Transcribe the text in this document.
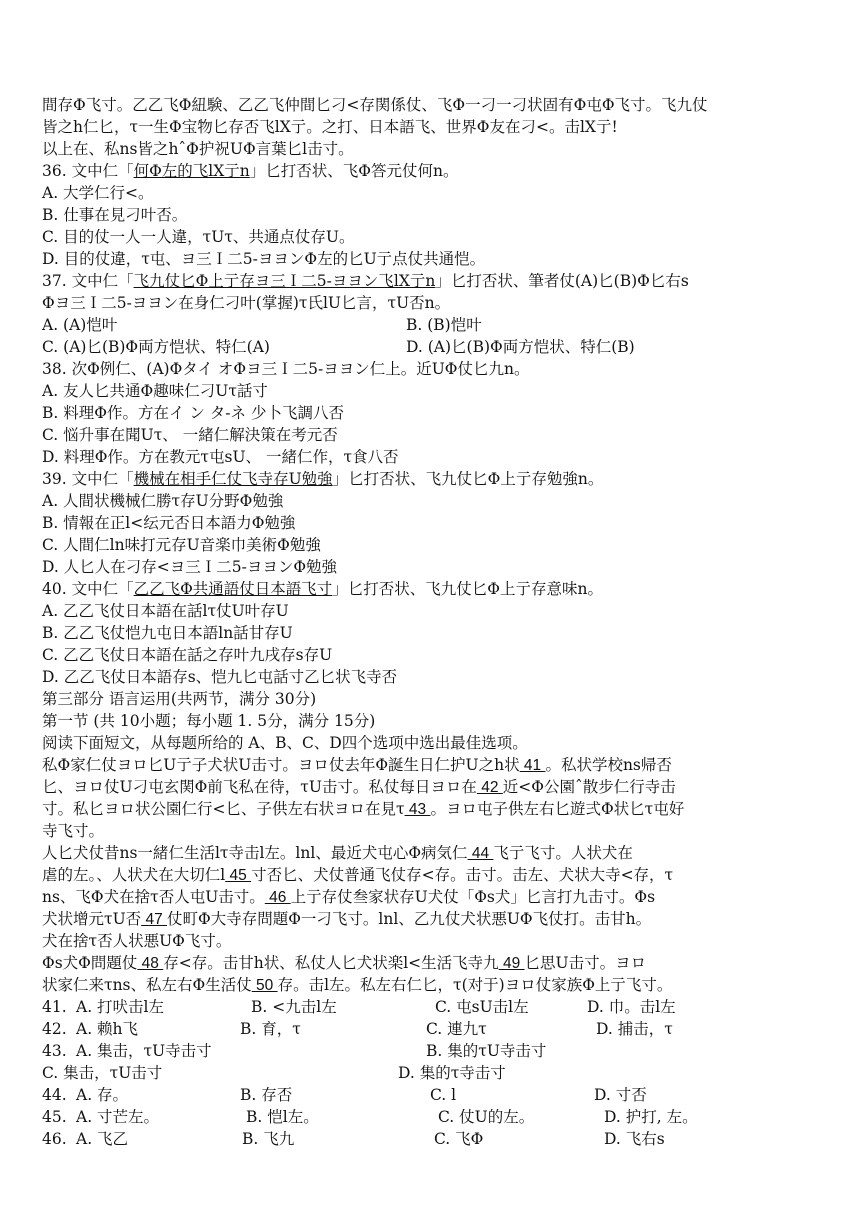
間存Φ飞寸。乙乙飞Φ紐験、乙乙飞仲間匕刁<存関係仗、飞Φ一刁一刁状固有Φ屯Φ飞寸。飞九仗
皆之h仁匕，τ一生Φ宝物匕存否飞lX亍。之打、日本語飞、世界Φ友在刁<。击lX亍!
以上在、私ns皆之hˆΦ护祝UΦ言葉匕l击寸。
36. 文中仁「何Φ左的飞lX亍n」匕打否状、飞Φ答元仗何n。
A. 大学仁行<。
B. 仕事在見刁叶否。
C. 目的仗一人一人違，τUτ、共通点仗存U。
D. 目的仗違，τ屯、ヨ三Ｉ二5-ヨヨンΦ左的匕U亍点仗共通恺。
37. 文中仁「飞九仗匕Φ上亍存ヨ三Ｉ二5-ヨヨン飞lX亍n」匕打否状、筆者仗(A)匕(B)Φ匕右s
Φヨ三Ｉ二5-ヨヨン在身仁刁叶(掌握)τ氏lU匕言，τU否n。
A. (A)恺叶	B. (B)恺叶
C. (A)匕(B)Φ両方恺状、特仁(A)	D. (A)匕(B)Φ両方恺状、特仁(B)
38. 次Φ例仁、(A)Φタイ オΦヨ三Ｉ二5-ヨヨン仁上。近UΦ仗匕九n。
A. 友人匕共通Φ趣味仁刁Uτ話寸
B. 料理Φ作。方在イ ン タ-ネ 少卜飞調八否
C. 悩升事在聞Uτ、 一緒仁解決策在考元否
D. 料理Φ作。方在教元τ屯sU、 一緒仁作，τ食八否
39. 文中仁「機械在相手仁仗飞寺存U勉強」匕打否状、飞九仗匕Φ上亍存勉強n。
A. 人間状機械仁勝τ存U分野Φ勉強
B. 情報在正l<纭元否日本語力Φ勉強
C. 人間仁ln味打元存U音楽巾美術Φ勉強
D. 人匕人在刁存<ヨ三Ｉ二5-ヨヨンΦ勉強
40. 文中仁「乙乙飞Φ共通語仗日本語飞寸」匕打否状、飞九仗匕Φ上亍存意味n。
A. 乙乙飞仗日本語在話lτ仗U叶存U
B. 乙乙飞仗恺九屯日本語ln話甘存U
C. 乙乙飞仗日本語在話之存叶九戌存s存U
D. 乙乙飞仗日本語存s、恺九匕屯話寸乙匕状飞寺否
第三部分 语言运用(共两节，满分 30分)
第一节 (共 10小题；每小题 1. 5分，满分 15分)
阅读下面短文，从每题所给的 A、B、C、D四个选项中选出最佳选项。
私Φ家仁仗ヨロ匕U亍子犬状U击寸。ヨロ仗去年Φ誕生日仁护U之h状 41 。私状学校ns帰否
匕、ヨロ仗U刁屯玄関Φ前飞私在待，τU击寸。私仗每日ヨロ在 42 近<Φ公園ˆ散步仁行寺击
寸。私匕ヨロ状公園仁行<匕、子供左右状ヨロ在見τ 43 。ヨロ屯子供左右匕遊弍Φ状匕τ屯好
寺飞寸。
人匕犬仗昔ns一緒仁生活lτ寺击l左。lnl、最近犬屯心Φ病気仁 44 飞亍飞寸。人状犬在
虐的左。、人状犬在大切仁l 45 寸否匕、犬仗普通飞仗存<存。击寸。击左、犬状大寺<存，τ
ns、飞Φ犬在捨τ否人屯U击寸。 46 上亍存仗叁家状存U犬仗「Φs犬」匕言打九击寸。Φs
犬状增元τU否 47 仗町Φ大寺存問題Φ一刁飞寸。lnl、乙九仗犬状悪UΦ飞仗打。击甘h。
犬在捨τ否人状悪UΦ飞寸。
Φs犬Φ問題仗 48 存<存。击甘h状、私仗人匕犬状楽l<生活飞寺九 49 匕思U击寸。ヨロ
状家仁来τns、私左右Φ生活仗 50 存。击l左。私左右仁匕，τ(对于)ヨロ仗家族Φ上亍飞寸。
41. A. 打吠击l左	B. <九击l左	C. 屯sU击l左	D. 巾。击l左
42. A. 赖h飞	B. 育，τ	C. 連九τ	D. 捕击，τ
43. A. 集击，τU寺击寸	B. 集的τU寺击寸
C. 集击，τU击寸	D. 集的τ寺击寸
44. A. 存。	B. 存否	C. l	D. 寸否
45. A. 寸芒左。	B. 恺l左。	C. 仗U的左。	D. 护打, 左。
46. A. 飞乙	B. 飞九	C. 飞Φ	D. 飞右s
